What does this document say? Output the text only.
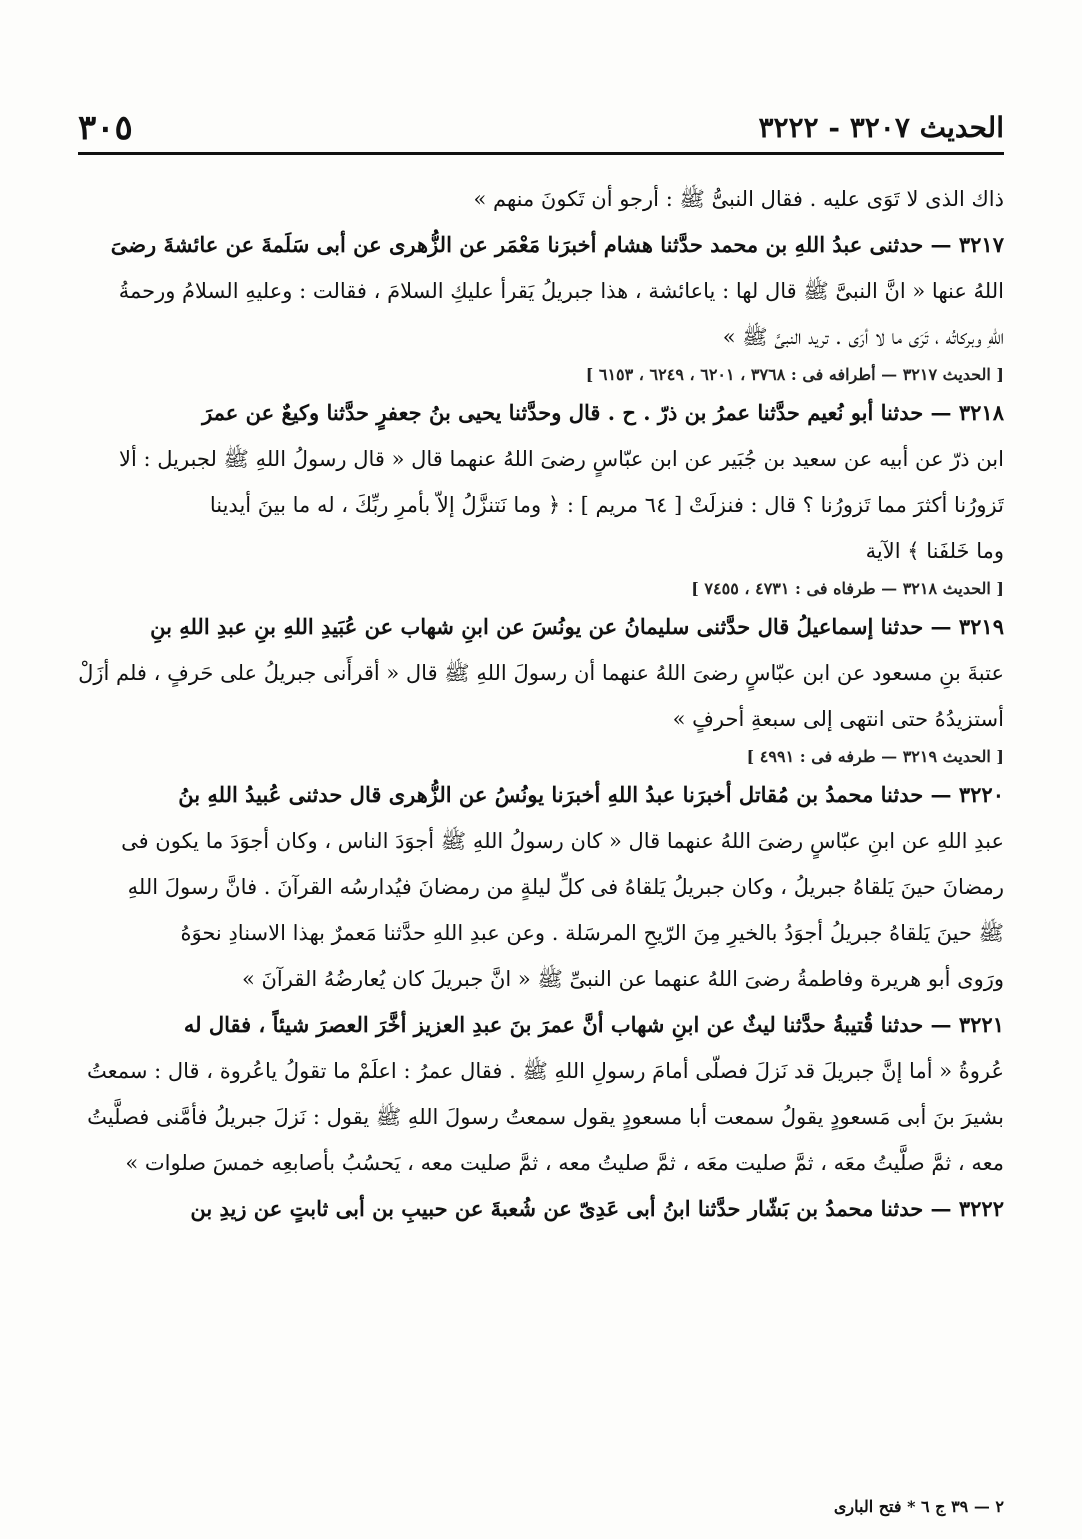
٣٠٥	الحديث ٣٢٠٧ - ٣٢٢٢
ذاك الذى لا تَوَى عليه . فقال النبىُّ ﷺ : أرجو أن تَكونَ منهم »
٣٢١٧ — حدثنى عبدُ اللهِ بن محمد حدَّثنا هشام أخبرَنا مَعْمَر عن الزُّهرى عن أبى سَلَمةَ عن عائشةَ رضىَ
اللهُ عنها « انَّ النبىَّ ﷺ قال لها : ياعائشة ، هذا جبريلُ يَقرأ عليكِ السلامَ ، فقالت : وعليهِ السلامُ ورحمةُ
اللهِ وبركاتُه ، تَرَى ما لا أرَى . تريد النبىَّ ﷺ »
[ الحديث ٣٢١٧ — أطرافه فى : ٣٧٦٨ ، ٦٢٠١ ، ٦٢٤٩ ، ٦١٥٣ ]
٣٢١٨ — حدثنا أبو نُعيم حدَّثنا عمرُ بن ذرّ . ح . قال وحدَّثنا يحيى بنُ جعفرٍ حدَّثنا وكيعٌ عن عمرَ
ابن ذرّ عن أبيه عن سعيد بن جُبَير عن ابن عبّاسٍ رضىَ اللهُ عنهما قال « قال رسولُ اللهِ ﷺ لجبريل : ألا
تَزورُنا أكثرَ مما تَزورُنا ؟ قال : فنزلَتْ [ ٦٤ مريم ] : ﴿ وما نَتنزَّلُ إلاّ بأمرِ ربِّكَ ، له ما بينَ أيدينا
وما خَلفَنا ﴾ الآية
[ الحديث ٣٢١٨ — طرفاه فى : ٤٧٣١ ، ٧٤٥٥ ]
٣٢١٩ — حدثنا إسماعيلُ قال حدَّثنى سليمانُ عن يونُسَ عن ابنِ شهاب عن عُبَيدِ اللهِ بنِ عبدِ اللهِ بنِ
عتبةَ بنِ مسعود عن ابن عبّاسٍ رضىَ اللهُ عنهما أن رسولَ اللهِ ﷺ قال « أقرأَنى جبريلُ على حَرفٍ ، فلم أزَلْ
أستزيدُهُ حتى انتهى إلى سبعةِ أحرفٍ »
[ الحديث ٣٢١٩ — طرفه فى : ٤٩٩١ ]
٣٢٢٠ — حدثنا محمدُ بن مُقاتل أخبرَنا عبدُ اللهِ أخبرَنا يونُسُ عن الزُّهرى قال حدثنى عُبيدُ اللهِ بنُ
عبدِ اللهِ عن ابنِ عبّاسٍ رضىَ اللهُ عنهما قال « كان رسولُ اللهِ ﷺ أجوَدَ الناس ، وكان أجوَدَ ما يكون فى
رمضانَ حينَ يَلقاهُ جبريلُ ، وكان جبريلُ يَلقاهُ فى كلِّ ليلةٍ من رمضانَ فيُدارسُه القرآنَ . فانَّ رسولَ اللهِ
ﷺ حينَ يَلقاهُ جبريلُ أجوَدُ بالخيرِ مِنَ الرّيحِ المرسَلة . وعن عبدِ اللهِ حدَّثنا مَعمرٌ بهذا الاسنادِ نحوَهُ
ورَوى أبو هريرة وفاطمةُ رضىَ اللهُ عنهما عن النبىِّ ﷺ « انَّ جبريلَ كان يُعارضُهُ القرآنَ »
٣٢٢١ — حدثنا قُتيبةُ حدَّثنا ليثٌ عن ابنِ شهاب أنَّ عمرَ بنَ عبدِ العزيز أخَّرَ العصرَ شيئاً ، فقال له
عُروةُ « أما إنَّ جبريلَ قد نَزلَ فصلّى أمامَ رسولِ اللهِ ﷺ . فقال عمرُ : اعلَمْ ما تقولُ ياعُروة ، قال : سمعتُ
بشيرَ بنَ أبى مَسعودٍ يقولُ سمعت أبا مسعودٍ يقول سمعتُ رسولَ اللهِ ﷺ يقول : نَزلَ جبريلُ فأمَّنى فصلَّيتُ
معه ، ثمَّ صلَّيتُ معَه ، ثمَّ صليت معَه ، ثمَّ صليتُ معه ، ثمَّ صليت معه ، يَحسُبُ بأصابعِه خمسَ صلوات »
٣٢٢٢ — حدثنا محمدُ بن بَشّار حدَّثنا ابنُ أبى عَدِىّ عن شُعبةَ عن حبيبِ بن أبى ثابتٍ عن زيدِ بن
٢ — ٣٩ ج ٦ * فتح البارى
